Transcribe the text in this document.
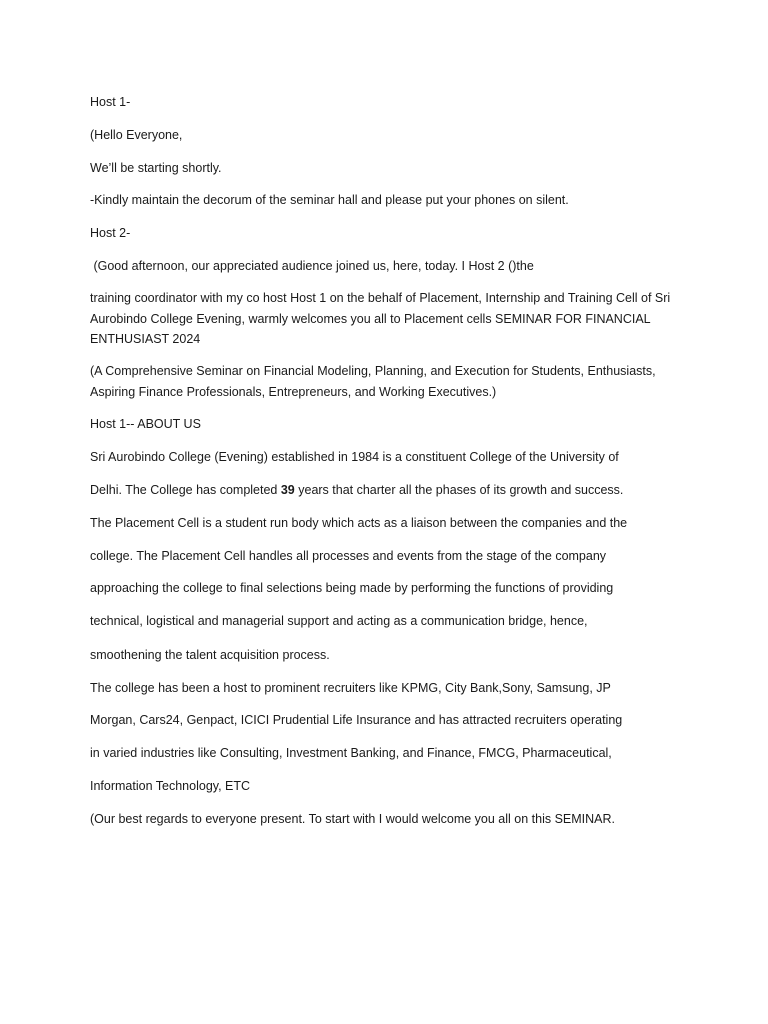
Host 1-
(Hello Everyone,
We’ll be starting shortly.
-Kindly maintain the decorum of the seminar hall and please put your phones on silent.
Host 2-
(Good afternoon, our appreciated audience joined us, here, today. I Host 2 ()the
training coordinator with my co host Host 1 on the behalf of Placement, Internship and Training Cell of Sri Aurobindo College Evening, warmly welcomes you all to Placement cells SEMINAR FOR FINANCIAL ENTHUSIAST 2024
(A Comprehensive Seminar on Financial Modeling, Planning, and Execution for Students, Enthusiasts, Aspiring Finance Professionals, Entrepreneurs, and Working Executives.)
Host 1-- ABOUT US
Sri Aurobindo College (Evening) established in 1984 is a constituent College of the University of
Delhi. The College has completed 39 years that charter all the phases of its growth and success.
The Placement Cell is a student run body which acts as a liaison between the companies and the
college. The Placement Cell handles all processes and events from the stage of the company
approaching the college to final selections being made by performing the functions of providing
technical, logistical and managerial support and acting as a communication bridge, hence,
smoothening the talent acquisition process.
The college has been a host to prominent recruiters like KPMG, City Bank,Sony, Samsung, JP
Morgan, Cars24, Genpact, ICICI Prudential Life Insurance and has attracted recruiters operating
in varied industries like Consulting, Investment Banking, and Finance, FMCG, Pharmaceutical,
Information Technology, ETC
(Our best regards to everyone present. To start with I would welcome you all on this SEMINAR.
